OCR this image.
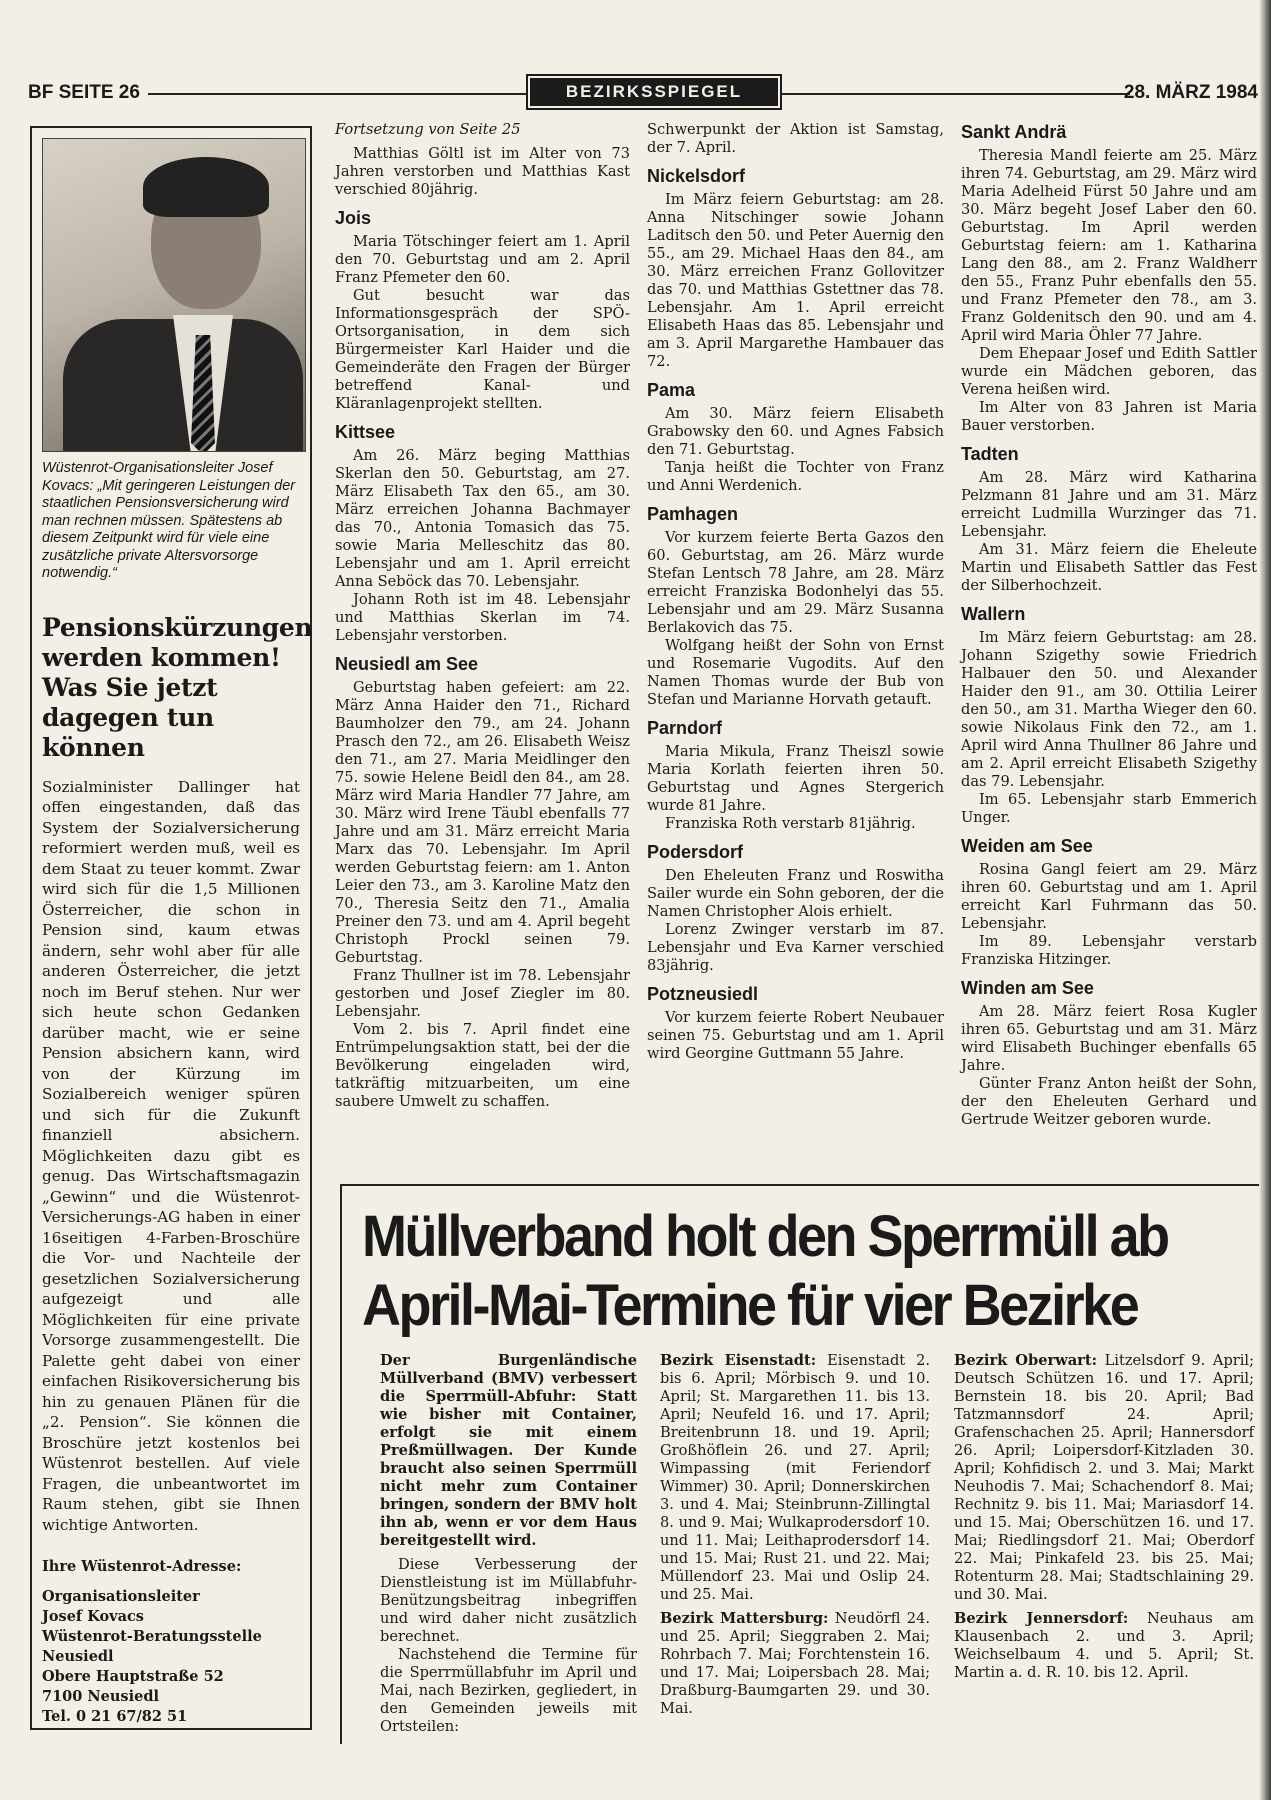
BF SEITE 26	BEZIRKSSPIEGEL	28. MÄRZ 1984
Wüstenrot-Organisationsleiter Josef Kovacs: „Mit geringeren Leistungen der staatlichen Pensionsversicherung wird man rechnen müssen. Spätestens ab diesem Zeitpunkt wird für viele eine zusätzliche private Altersvorsorge notwendig.“
Pensionskürzungen werden kommen! Was Sie jetzt dagegen tun können

Sozialminister Dallinger hat offen eingestanden, daß das System der Sozialversicherung reformiert werden muß, weil es dem Staat zu teuer kommt. Zwar wird sich für die 1,5 Millionen Österreicher, die schon in Pension sind, kaum etwas ändern, sehr wohl aber für alle anderen Österreicher, die jetzt noch im Beruf stehen. Nur wer sich heute schon Gedanken darüber macht, wie er seine Pension absichern kann, wird von der Kürzung im Sozialbereich weniger spüren und sich für die Zukunft finanziell absichern. Möglichkeiten dazu gibt es genug. Das Wirtschaftsmagazin „Gewinn“ und die Wüstenrot-Versicherungs-AG haben in einer 16seitigen 4-Farben-Broschüre die Vor- und Nachteile der gesetzlichen Sozialversicherung aufgezeigt und alle Möglichkeiten für eine private Vorsorge zusammengestellt. Die Palette geht dabei von einer einfachen Risikoversicherung bis hin zu genauen Plänen für die „2. Pension“. Sie können die Broschüre jetzt kostenlos bei Wüstenrot bestellen. Auf viele Fragen, die unbeantwortet im Raum stehen, gibt sie Ihnen wichtige Antworten.

Ihre Wüstenrot-Adresse:
Organisationsleiter
Josef Kovacs
Wüstenrot-Beratungsstelle
Neusiedl
Obere Hauptstraße 52
7100 Neusiedl
Tel. 0 21 67/82 51

Fortsetzung von Seite 25

Matthias Göltl ist im Alter von 73 Jahren verstorben und Matthias Kast verschied 80jährig.

Jois

Maria Tötschinger feiert am 1. April den 70. Geburtstag und am 2. April Franz Pfemeter den 60.

Gut besucht war das Informationsgespräch der SPÖ-Ortsorganisation, in dem sich Bürgermeister Karl Haider und die Gemeinderäte den Fragen der Bürger betreffend Kanal- und Kläranlagenprojekt stellten.

Kittsee

Am 26. März beging Matthias Skerlan den 50. Geburtstag, am 27. März Elisabeth Tax den 65., am 30. März erreichen Johanna Bachmayer das 70., Antonia Tomasich das 75. sowie Maria Melleschitz das 80. Lebensjahr und am 1. April erreicht Anna Seböck das 70. Lebensjahr.

Johann Roth ist im 48. Lebensjahr und Matthias Skerlan im 74. Lebensjahr verstorben.

Neusiedl am See

Geburtstag haben gefeiert: am 22. März Anna Haider den 71., Richard Baumholzer den 79., am 24. Johann Prasch den 72., am 26. Elisabeth Weisz den 71., am 27. Maria Meidlinger den 75. sowie Helene Beidl den 84., am 28. März wird Maria Handler 77 Jahre, am 30. März wird Irene Täubl ebenfalls 77 Jahre und am 31. März erreicht Maria Marx das 70. Lebensjahr. Im April werden Geburtstag feiern: am 1. Anton Leier den 73., am 3. Karoline Matz den 70., Theresia Seitz den 71., Amalia Preiner den 73. und am 4. April begeht Christoph Prockl seinen 79. Geburtstag.

Franz Thullner ist im 78. Lebensjahr gestorben und Josef Ziegler im 80. Lebensjahr.

Vom 2. bis 7. April findet eine Entrümpelungsaktion statt, bei der die Bevölkerung eingeladen wird, tatkräftig mitzuarbeiten, um eine saubere Umwelt zu schaffen.

Schwerpunkt der Aktion ist Samstag, der 7. April.

Nickelsdorf

Im März feiern Geburtstag: am 28. Anna Nitschinger sowie Johann Laditsch den 50. und Peter Auernig den 55., am 29. Michael Haas den 84., am 30. März erreichen Franz Gollovitzer das 70. und Matthias Gstettner das 78. Lebensjahr. Am 1. April erreicht Elisabeth Haas das 85. Lebensjahr und am 3. April Margarethe Hambauer das 72.

Pama

Am 30. März feiern Elisabeth Grabowsky den 60. und Agnes Fabsich den 71. Geburtstag.

Tanja heißt die Tochter von Franz und Anni Werdenich.

Pamhagen

Vor kurzem feierte Berta Gazos den 60. Geburtstag, am 26. März wurde Stefan Lentsch 78 Jahre, am 28. März erreicht Franziska Bodonhelyi das 55. Lebensjahr und am 29. März Susanna Berlakovich das 75.

Wolfgang heißt der Sohn von Ernst und Rosemarie Vugodits. Auf den Namen Thomas wurde der Bub von Stefan und Marianne Horvath getauft.

Parndorf

Maria Mikula, Franz Theiszl sowie Maria Korlath feierten ihren 50. Geburtstag und Agnes Stergerich wurde 81 Jahre.

Franziska Roth verstarb 81jährig.

Podersdorf

Den Eheleuten Franz und Roswitha Sailer wurde ein Sohn geboren, der die Namen Christopher Alois erhielt.

Lorenz Zwinger verstarb im 87. Lebensjahr und Eva Karner verschied 83jährig.

Potzneusiedl

Vor kurzem feierte Robert Neubauer seinen 75. Geburtstag und am 1. April wird Georgine Guttmann 55 Jahre.

Sankt Andrä

Theresia Mandl feierte am 25. März ihren 74. Geburtstag, am 29. März wird Maria Adelheid Fürst 50 Jahre und am 30. März begeht Josef Laber den 60. Geburtstag. Im April werden Geburtstag feiern: am 1. Katharina Lang den 88., am 2. Franz Waldherr den 55., Franz Puhr ebenfalls den 55. und Franz Pfemeter den 78., am 3. Franz Goldenitsch den 90. und am 4. April wird Maria Öhler 77 Jahre.

Dem Ehepaar Josef und Edith Sattler wurde ein Mädchen geboren, das Verena heißen wird.

Im Alter von 83 Jahren ist Maria Bauer verstorben.

Tadten

Am 28. März wird Katharina Pelzmann 81 Jahre und am 31. März erreicht Ludmilla Wurzinger das 71. Lebensjahr.

Am 31. März feiern die Eheleute Martin und Elisabeth Sattler das Fest der Silberhochzeit.

Wallern

Im März feiern Geburtstag: am 28. Johann Szigethy sowie Friedrich Halbauer den 50. und Alexander Haider den 91., am 30. Ottilia Leirer den 50., am 31. Martha Wieger den 60. sowie Nikolaus Fink den 72., am 1. April wird Anna Thullner 86 Jahre und am 2. April erreicht Elisabeth Szigethy das 79. Lebensjahr.

Im 65. Lebensjahr starb Emmerich Unger.

Weiden am See

Rosina Gangl feiert am 29. März ihren 60. Geburtstag und am 1. April erreicht Karl Fuhrmann das 50. Lebensjahr.

Im 89. Lebensjahr verstarb Franziska Hitzinger.

Winden am See

Am 28. März feiert Rosa Kugler ihren 65. Geburtstag und am 31. März wird Elisabeth Buchinger ebenfalls 65 Jahre.

Günter Franz Anton heißt der Sohn, der den Eheleuten Gerhard und Gertrude Weitzer geboren wurde.

Müllverband holt den Sperrmüll ab
April-Mai-Termine für vier Bezirke

Der Burgenländische Müllverband (BMV) verbessert die Sperrmüll-Abfuhr: Statt wie bisher mit Container, erfolgt sie mit einem Preßmüllwagen. Der Kunde braucht also seinen Sperrmüll nicht mehr zum Container bringen, sondern der BMV holt ihn ab, wenn er vor dem Haus bereitgestellt wird.

Diese Verbesserung der Dienstleistung ist im Müllabfuhr-Benützungsbeitrag inbegriffen und wird daher nicht zusätzlich berechnet.

Nachstehend die Termine für die Sperrmüllabfuhr im April und Mai, nach Bezirken, gegliedert, in den Gemeinden jeweils mit Ortsteilen:

Bezirk Eisenstadt: Eisenstadt 2. bis 6. April; Mörbisch 9. und 10. April; St. Margarethen 11. bis 13. April; Neufeld 16. und 17. April; Breitenbrunn 18. und 19. April; Großhöflein 26. und 27. April; Wimpassing (mit Feriendorf Wimmer) 30. April; Donnerskirchen 3. und 4. Mai; Steinbrunn-Zillingtal 8. und 9. Mai; Wulkaprodersdorf 10. und 11. Mai; Leithaprodersdorf 14. und 15. Mai; Rust 21. und 22. Mai; Müllendorf 23. Mai und Oslip 24. und 25. Mai.

Bezirk Mattersburg: Neudörfl 24. und 25. April; Sieggraben 2. Mai; Rohrbach 7. Mai; Forchtenstein 16. und 17. Mai; Loipersbach 28. Mai; Draßburg-Baumgarten 29. und 30. Mai.

Bezirk Oberwart: Litzelsdorf 9. April; Deutsch Schützen 16. und 17. April; Bernstein 18. bis 20. April; Bad Tatzmannsdorf 24. April; Grafenschachen 25. April; Hannersdorf 26. April; Loipersdorf-Kitzladen 30. April; Kohfidisch 2. und 3. Mai; Markt Neuhodis 7. Mai; Schachendorf 8. Mai; Rechnitz 9. bis 11. Mai; Mariasdorf 14. und 15. Mai; Oberschützen 16. und 17. Mai; Riedlingsdorf 21. Mai; Oberdorf 22. Mai; Pinkafeld 23. bis 25. Mai; Rotenturm 28. Mai; Stadtschlaining 29. und 30. Mai.

Bezirk Jennersdorf: Neuhaus am Klausenbach 2. und 3. April; Weichselbaum 4. und 5. April; St. Martin a. d. R. 10. bis 12. April.
